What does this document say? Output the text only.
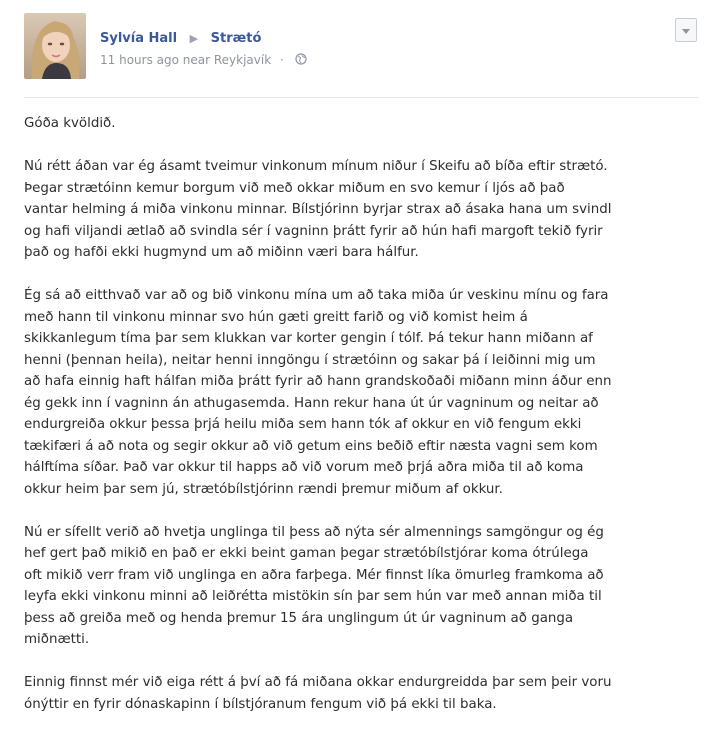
Sylvía Hall ▶ Strætó
11 hours ago near Reykjavík ·
Góða kvöldið.
Nú rétt áðan var ég ásamt tveimur vinkonum mínum niður í Skeifu að bíða eftir strætó.
Þegar strætóinn kemur borgum við með okkar miðum en svo kemur í ljós að það
vantar helming á miða vinkonu minnar. Bílstjórinn byrjar strax að ásaka hana um svindl
og hafi viljandi ætlað að svindla sér í vagninn þrátt fyrir að hún hafi margoft tekið fyrir
það og hafði ekki hugmynd um að miðinn væri bara hálfur.
Ég sá að eitthvað var að og bið vinkonu mína um að taka miða úr veskinu mínu og fara
með hann til vinkonu minnar svo hún gæti greitt farið og við komist heim á
skikkanlegum tíma þar sem klukkan var korter gengin í tólf. Þá tekur hann miðann af
henni (þennan heila), neitar henni inngöngu í strætóinn og sakar þá í leiðinni mig um
að hafa einnig haft hálfan miða þrátt fyrir að hann grandskoðaði miðann minn áður enn
ég gekk inn í vagninn án athugasemda. Hann rekur hana út úr vagninum og neitar að
endurgreiða okkur þessa þrjá heilu miða sem hann tók af okkur en við fengum ekki
tækifæri á að nota og segir okkur að við getum eins beðið eftir næsta vagni sem kom
hálftíma síðar. Það var okkur til happs að við vorum með þrjá aðra miða til að koma
okkur heim þar sem jú, strætóbílstjórinn rændi þremur miðum af okkur.
Nú er sífellt verið að hvetja unglinga til þess að nýta sér almennings samgöngur og ég
hef gert það mikið en það er ekki beint gaman þegar strætóbílstjórar koma ótrúlega
oft mikið verr fram við unglinga en aðra farþega. Mér finnst líka ömurleg framkoma að
leyfa ekki vinkonu minni að leiðrétta mistökin sín þar sem hún var með annan miða til
þess að greiða með og henda þremur 15 ára unglingum út úr vagninum að ganga
miðnætti.
Einnig finnst mér við eiga rétt á því að fá miðana okkar endurgreidda þar sem þeir voru
ónýttir en fyrir dónaskapinn í bílstjóranum fengum við þá ekki til baka.
